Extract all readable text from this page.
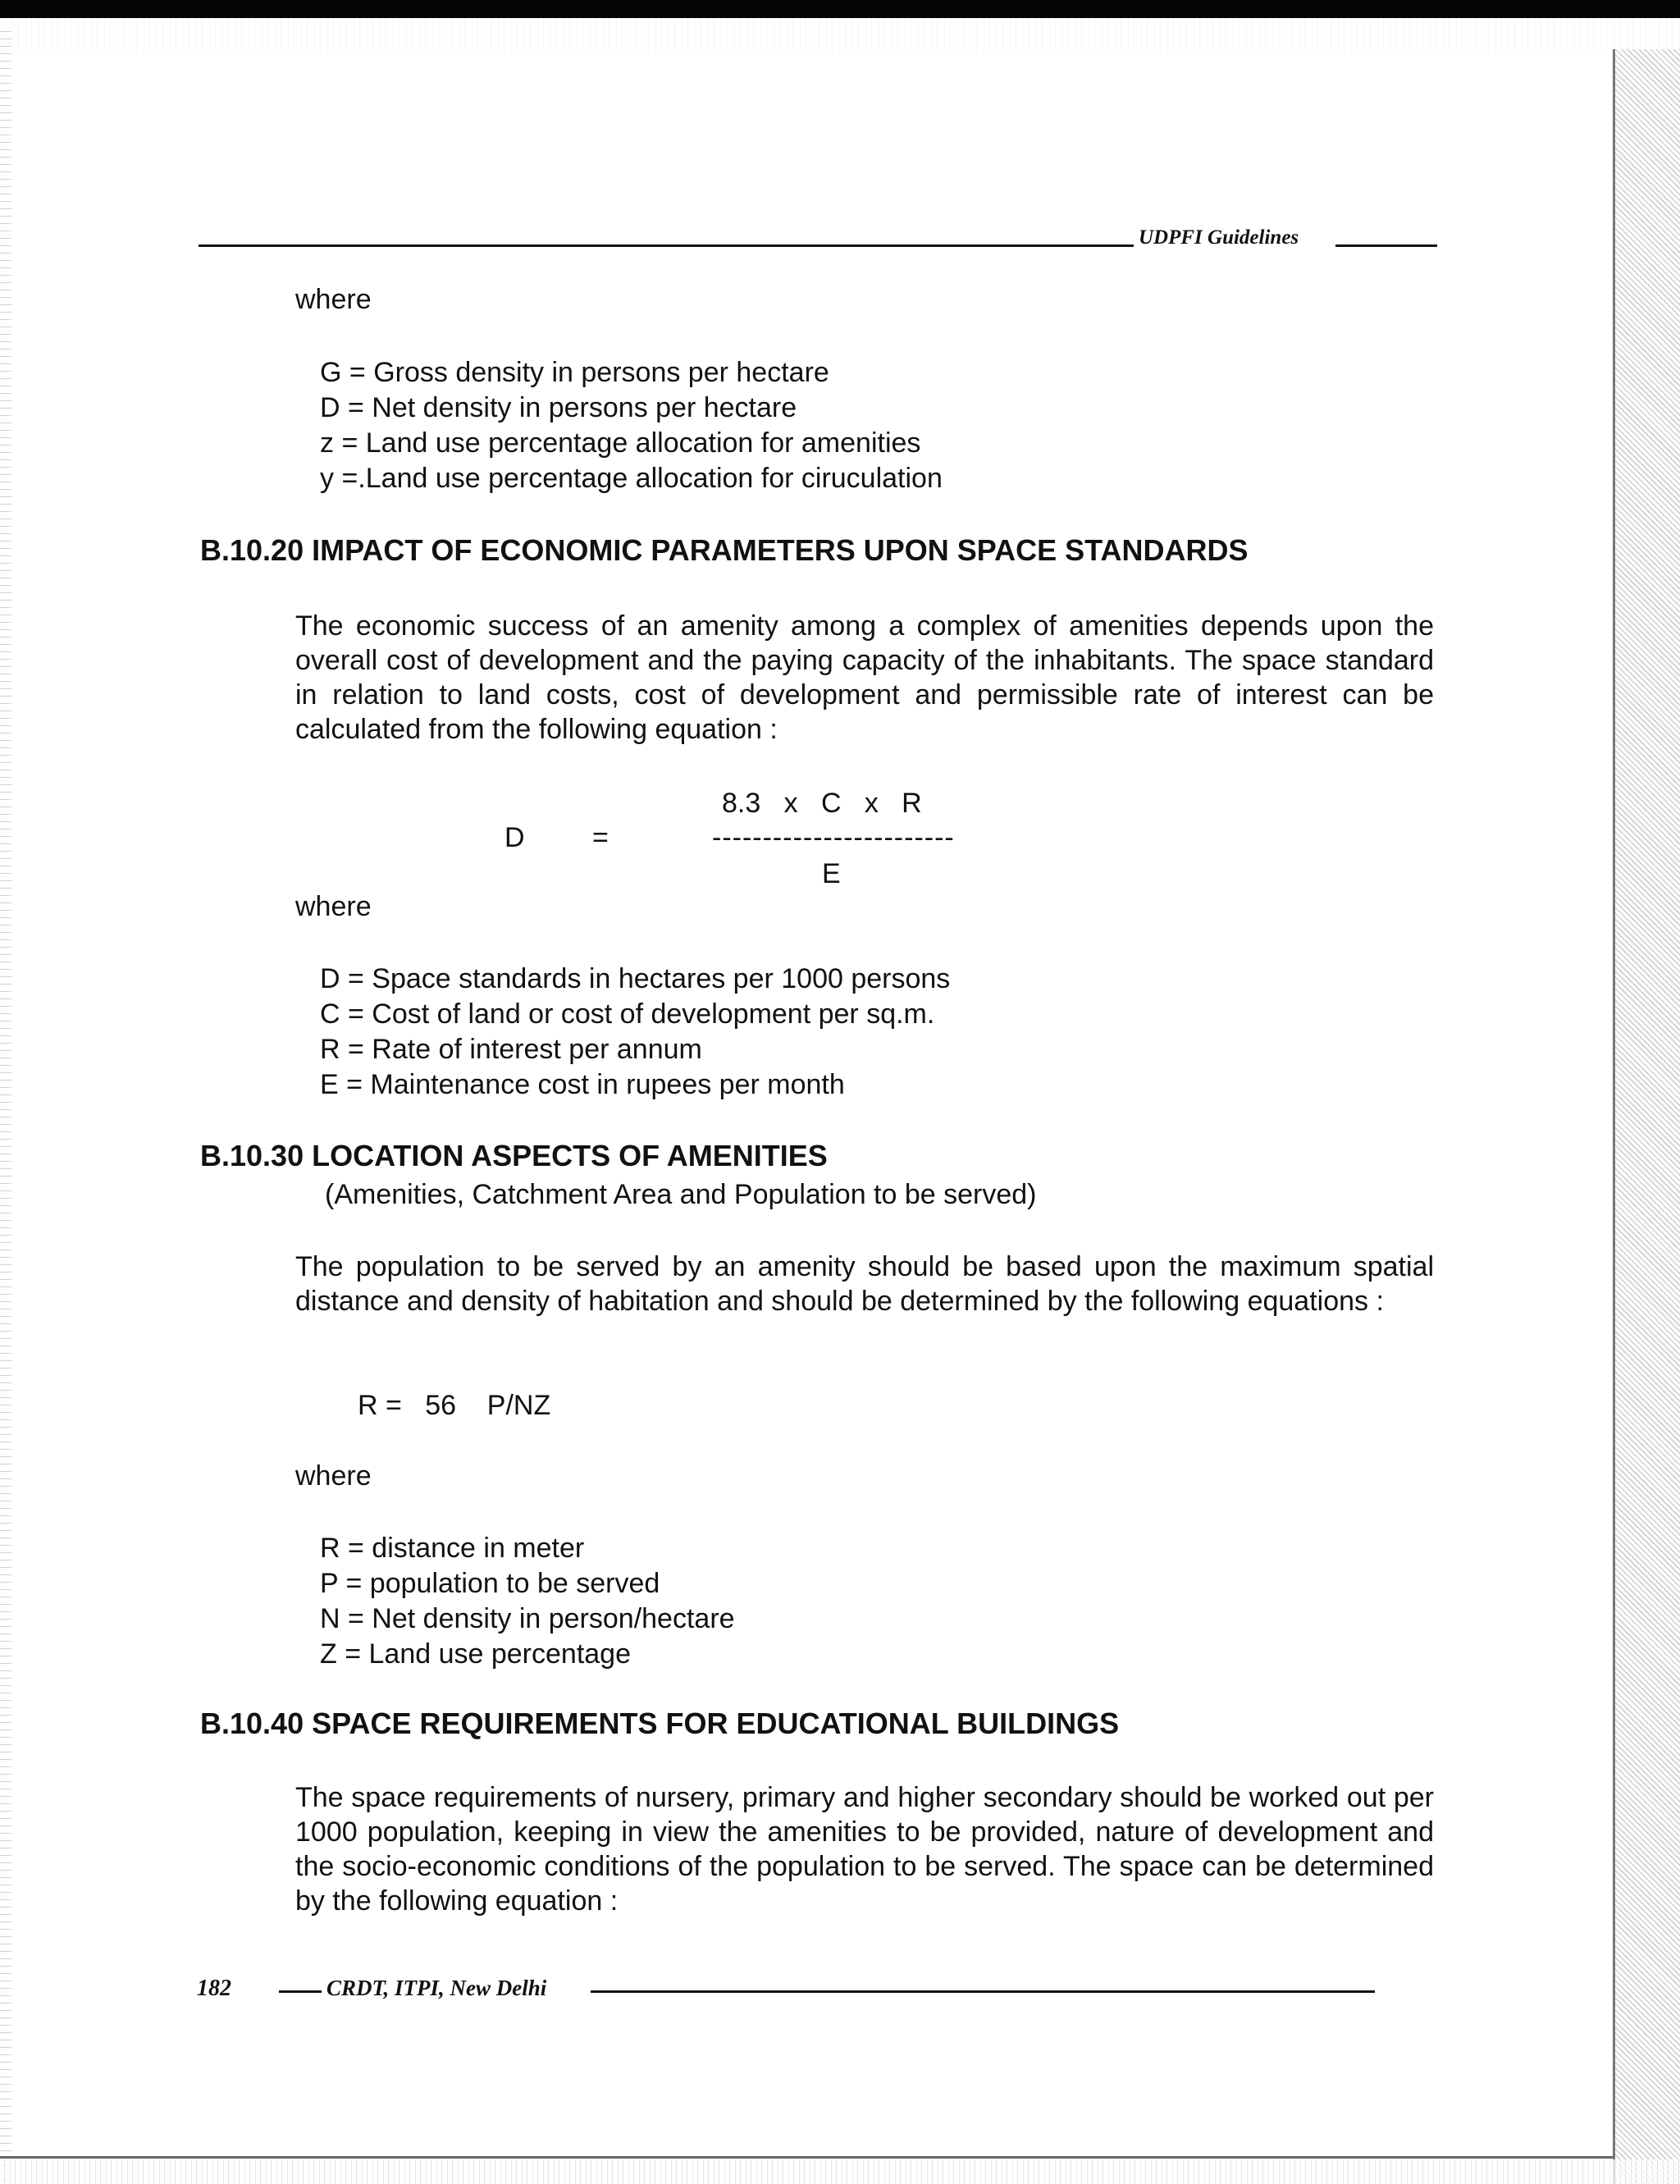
UDPFI Guidelines
where
G = Gross density in persons per hectare
D = Net density in persons per hectare
z = Land use percentage allocation for amenities
y =.Land use percentage allocation for ciruculation
B.10.20 IMPACT OF ECONOMIC PARAMETERS UPON SPACE STANDARDS
The economic success of an amenity among a complex of amenities depends upon the overall cost of development and the paying capacity of the inhabitants. The space standard in relation to land costs, cost of development and permissible rate of interest can be calculated from the following equation :
D =
8.3   x   C   x   R
------------------------
E
where
D = Space standards in hectares per 1000 persons
C = Cost of land or cost of development per sq.m.
R = Rate of interest per annum
E = Maintenance cost in rupees per month
B.10.30 LOCATION ASPECTS OF AMENITIES
(Amenities, Catchment Area and Population to be served)
The population to be served by an amenity should be based upon the maximum spatial distance and density of habitation and should be determined by the following equations :
R =   56    P/NZ
where
R = distance in meter
P = population to be served
N = Net density in person/hectare
Z = Land use percentage
B.10.40 SPACE REQUIREMENTS FOR EDUCATIONAL BUILDINGS
The space requirements of nursery, primary and higher secondary should be worked out per 1000 population, keeping in view the amenities to be provided, nature of development and the socio-economic conditions of the population to be served. The space can be determined by the following equation :
182	CRDT, ITPI, New Delhi
